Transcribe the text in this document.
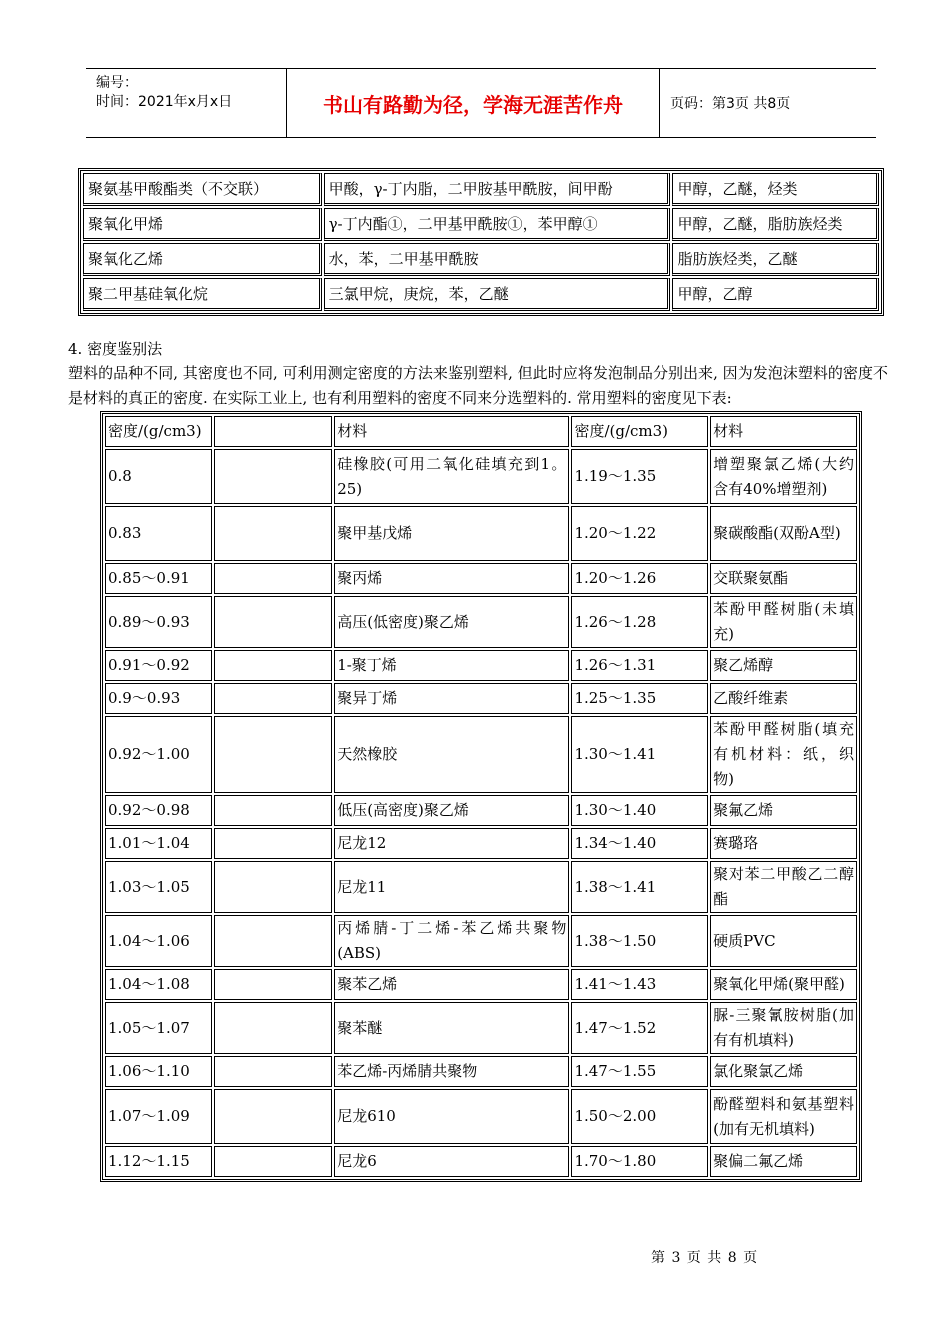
编号：
时间：2021年x月x日	书山有路勤为径，学海无涯苦作舟	页码：第3页 共8页
聚氨基甲酸酯类（不交联）	甲酸，γ-丁内脂，二甲胺基甲酰胺，间甲酚	甲醇，乙醚，烃类
聚氧化甲烯	γ-丁内酯①，二甲基甲酰胺①，苯甲醇①	甲醇，乙醚，脂肪族烃类
聚氧化乙烯	水，苯，二甲基甲酰胺	脂肪族烃类，乙醚
聚二甲基硅氧化烷	三氯甲烷，庚烷，苯，乙醚	甲醇，乙醇
4. 密度鉴别法
塑料的品种不同, 其密度也不同, 可利用测定密度的方法来鉴别塑料, 但此时应将发泡制品分别出来, 因为发泡沫塑料的密度不是材料的真正的密度. 在实际工业上, 也有利用塑料的密度不同来分选塑料的. 常用塑料的密度见下表:
密度/(g/cm3)		材料	密度/(g/cm3)	材料
0.8		硅橡胶(可用二氧化硅填充到1。25)	1.19～1.35	增塑聚氯乙烯(大约含有40%增塑剂)
0.83		聚甲基戊烯	1.20～1.22	聚碳酸酯(双酚A型)
0.85～0.91		聚丙烯	1.20～1.26	交联聚氨酯
0.89～0.93		高压(低密度)聚乙烯	1.26～1.28	苯酚甲醛树脂(未填充)
0.91～0.92		1-聚丁烯	1.26～1.31	聚乙烯醇
0.9～0.93		聚异丁烯	1.25～1.35	乙酸纤维素
0.92～1.00		天然橡胶	1.30～1.41	苯酚甲醛树脂(填充有机材料：纸，织物)
0.92～0.98		低压(高密度)聚乙烯	1.30～1.40	聚氟乙烯
1.01～1.04		尼龙12	1.34～1.40	赛璐珞
1.03～1.05		尼龙11	1.38～1.41	聚对苯二甲酸乙二醇酯
1.04～1.06		丙烯腈-丁二烯-苯乙烯共聚物(ABS)	1.38～1.50	硬质PVC
1.04～1.08		聚苯乙烯	1.41～1.43	聚氧化甲烯(聚甲醛)
1.05～1.07		聚苯醚	1.47～1.52	脲-三聚氰胺树脂(加有有机填料)
1.06～1.10		苯乙烯-丙烯腈共聚物	1.47～1.55	氯化聚氯乙烯
1.07～1.09		尼龙610	1.50～2.00	酚醛塑料和氨基塑料(加有无机填料)
1.12～1.15		尼龙6	1.70～1.80	聚偏二氟乙烯
第 3 页 共 8 页
